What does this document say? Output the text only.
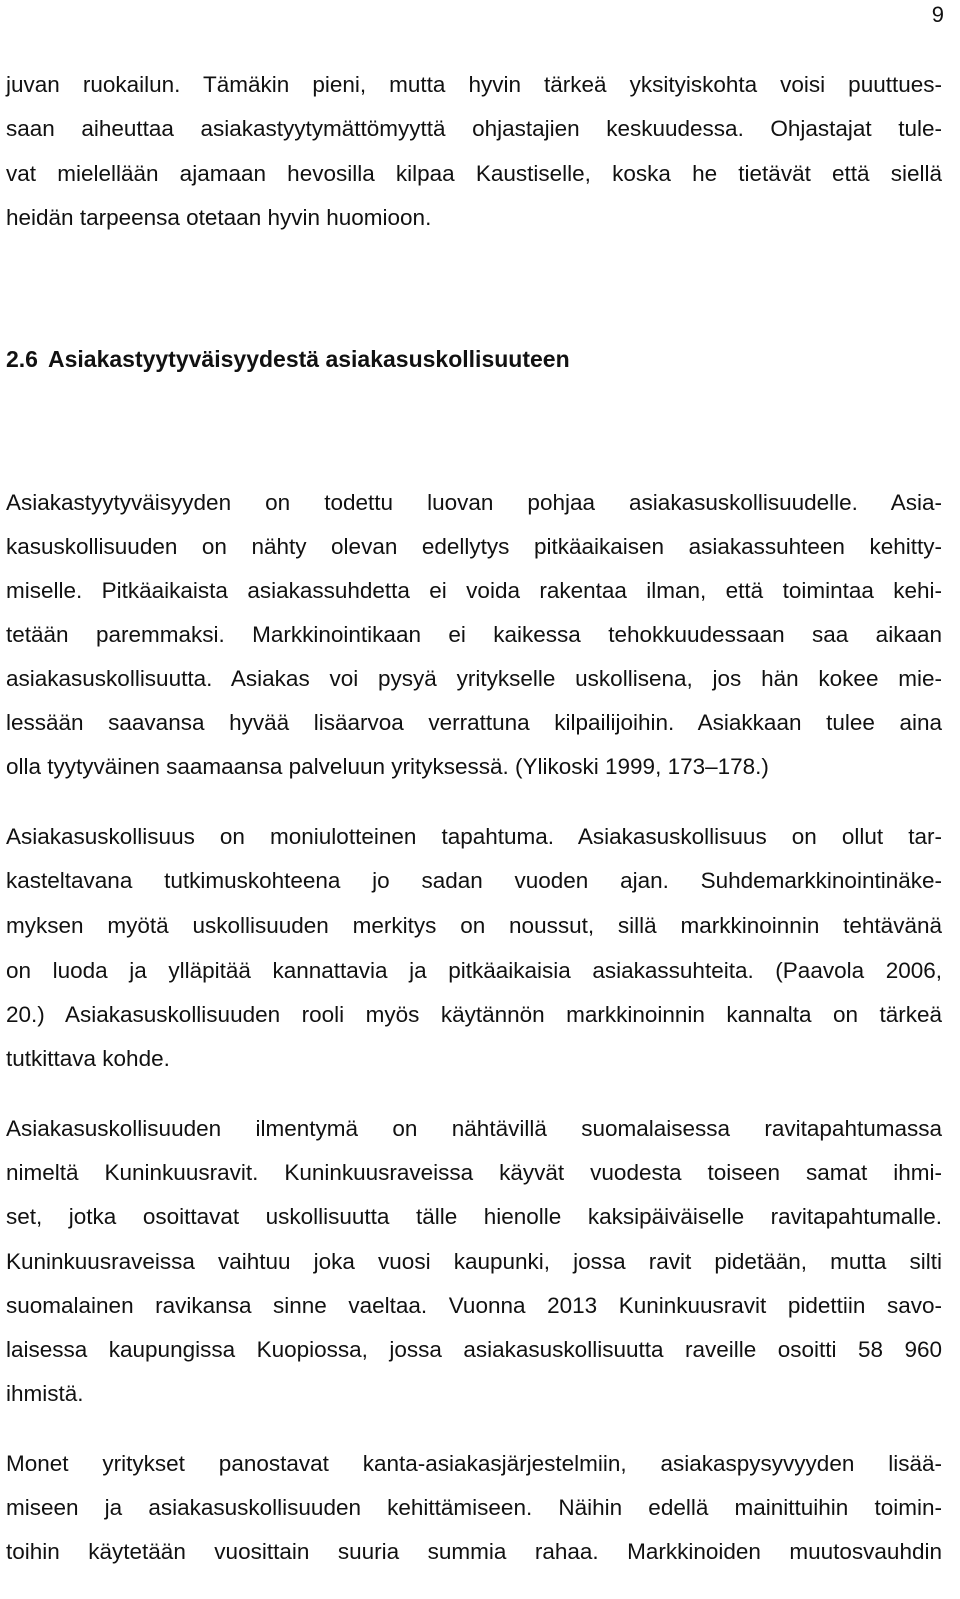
9
juvan ruokailun. Tämäkin pieni, mutta hyvin tärkeä yksityiskohta voisi puuttues-
saan aiheuttaa asiakastyytymättömyyttä ohjastajien keskuudessa. Ohjastajat tule-
vat mielellään ajamaan hevosilla kilpaa Kaustiselle, koska he tietävät että siellä
heidän tarpeensa otetaan hyvin huomioon.
2.6 Asiakastyytyväisyydestä asiakasuskollisuuteen
Asiakastyytyväisyyden on todettu luovan pohjaa asiakasuskollisuudelle. Asia-
kasuskollisuuden on nähty olevan edellytys pitkäaikaisen asiakassuhteen kehitty-
miselle. Pitkäaikaista asiakassuhdetta ei voida rakentaa ilman, että toimintaa kehi-
tetään paremmaksi. Markkinointikaan ei kaikessa tehokkuudessaan saa aikaan
asiakasuskollisuutta. Asiakas voi pysyä yritykselle uskollisena, jos hän kokee mie-
lessään saavansa hyvää lisäarvoa verrattuna kilpailijoihin. Asiakkaan tulee aina
olla tyytyväinen saamaansa palveluun yrityksessä. (Ylikoski 1999, 173–178.)
Asiakasuskollisuus on moniulotteinen tapahtuma. Asiakasuskollisuus on ollut tar-
kasteltavana tutkimuskohteena jo sadan vuoden ajan. Suhdemarkkinointinäke-
myksen myötä uskollisuuden merkitys on noussut, sillä markkinoinnin tehtävänä
on luoda ja ylläpitää kannattavia ja pitkäaikaisia asiakassuhteita. (Paavola 2006,
20.) Asiakasuskollisuuden rooli myös käytännön markkinoinnin kannalta on tärkeä
tutkittava kohde.
Asiakasuskollisuuden ilmentymä on nähtävillä suomalaisessa ravitapahtumassa
nimeltä Kuninkuusravit. Kuninkuusraveissa käyvät vuodesta toiseen samat ihmi-
set, jotka osoittavat uskollisuutta tälle hienolle kaksipäiväiselle ravitapahtumalle.
Kuninkuusraveissa vaihtuu joka vuosi kaupunki, jossa ravit pidetään, mutta silti
suomalainen ravikansa sinne vaeltaa. Vuonna 2013 Kuninkuusravit pidettiin savo-
laisessa kaupungissa Kuopiossa, jossa asiakasuskollisuutta raveille osoitti 58 960
ihmistä.
Monet yritykset panostavat kanta-asiakasjärjestelmiin, asiakaspysyvyyden lisää-
miseen ja asiakasuskollisuuden kehittämiseen. Näihin edellä mainittuihin toimin-
toihin käytetään vuosittain suuria summia rahaa. Markkinoiden muutosvauhdin
